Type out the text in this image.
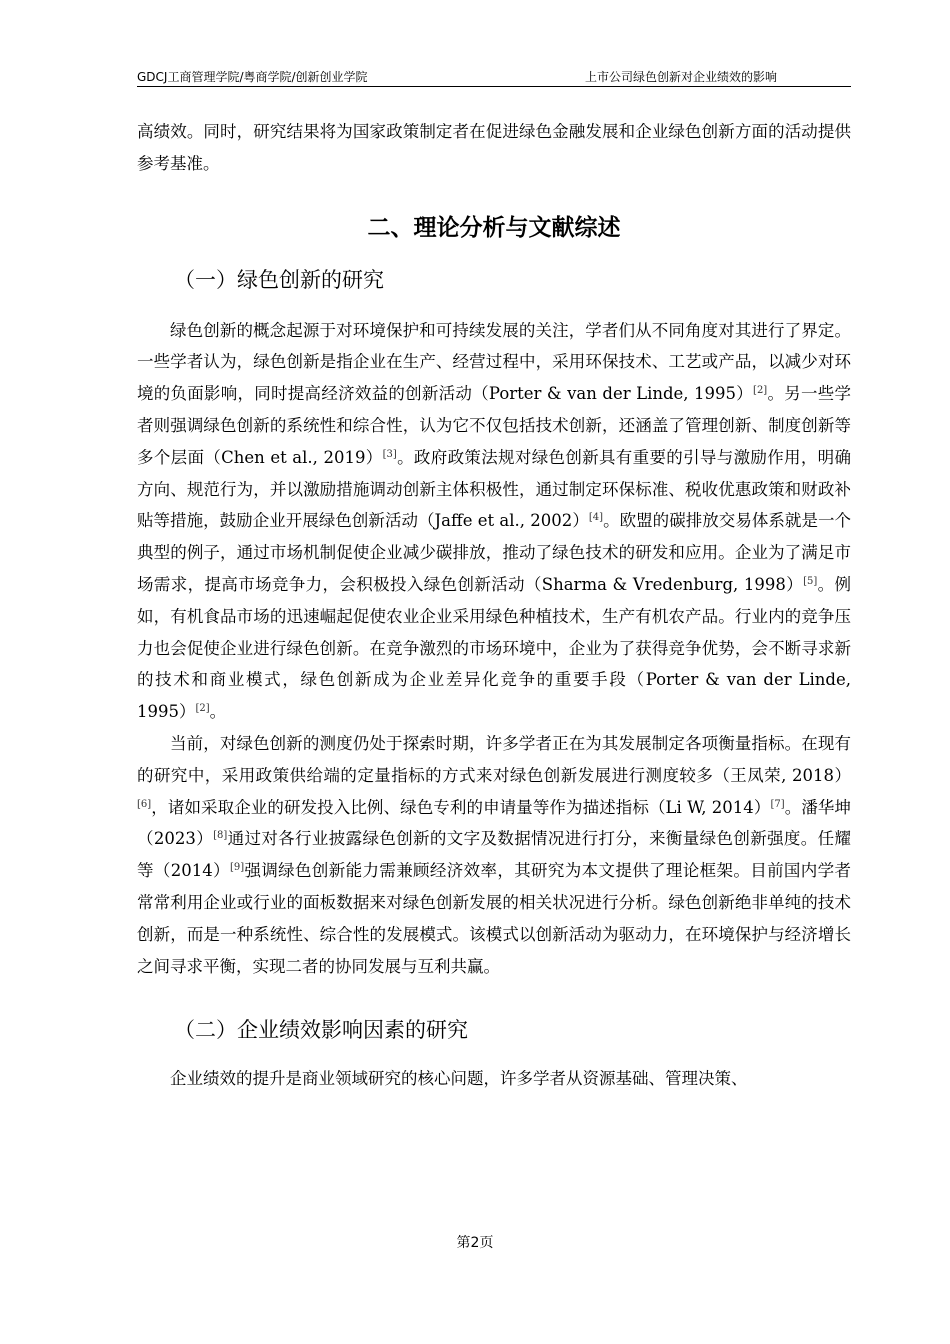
GDCJ工商管理学院/粤商学院/创新创业学院	上市公司绿色创新对企业绩效的影响

高绩效。同时，研究结果将为国家政策制定者在促进绿色金融发展和企业绿色创新方面的活动提供参考基准。

二、理论分析与文献综述
（一）绿色创新的研究

绿色创新的概念起源于对环境保护和可持续发展的关注，学者们从不同角度对其进行了界定。一些学者认为，绿色创新是指企业在生产、经营过程中，采用环保技术、工艺或产品，以减少对环境的负面影响，同时提高经济效益的创新活动（Porter & van der Linde, 1995）[2]。另一些学者则强调绿色创新的系统性和综合性，认为它不仅包括技术创新，还涵盖了管理创新、制度创新等多个层面（Chen et al., 2019）[3]。政府政策法规对绿色创新具有重要的引导与激励作用，明确方向、规范行为，并以激励措施调动创新主体积极性，通过制定环保标准、税收优惠政策和财政补贴等措施，鼓励企业开展绿色创新活动（Jaffe et al., 2002）[4]。欧盟的碳排放交易体系就是一个典型的例子，通过市场机制促使企业减少碳排放，推动了绿色技术的研发和应用。企业为了满足市场需求，提高市场竞争力，会积极投入绿色创新活动（Sharma & Vredenburg, 1998）[5]。例如，有机食品市场的迅速崛起促使农业企业采用绿色种植技术，生产有机农产品。行业内的竞争压力也会促使企业进行绿色创新。在竞争激烈的市场环境中，企业为了获得竞争优势，会不断寻求新的技术和商业模式，绿色创新成为企业差异化竞争的重要手段（Porter & van der Linde, 1995）[2]。

当前，对绿色创新的测度仍处于探索时期，许多学者正在为其发展制定各项衡量指标。在现有的研究中，采用政策供给端的定量指标的方式来对绿色创新发展进行测度较多（王凤荣, 2018）[6]，诸如采取企业的研发投入比例、绿色专利的申请量等作为描述指标（Li W, 2014）[7]。潘华坤（2023）[8]通过对各行业披露绿色创新的文字及数据情况进行打分，来衡量绿色创新强度。任耀等（2014）[9]强调绿色创新能力需兼顾经济效率，其研究为本文提供了理论框架。目前国内学者常常利用企业或行业的面板数据来对绿色创新发展的相关状况进行分析。绿色创新绝非单纯的技术创新，而是一种系统性、综合性的发展模式。该模式以创新活动为驱动力，在环境保护与经济增长之间寻求平衡，实现二者的协同发展与互利共赢。

（二）企业绩效影响因素的研究

企业绩效的提升是商业领域研究的核心问题，许多学者从资源基础、管理决策、

第2页
